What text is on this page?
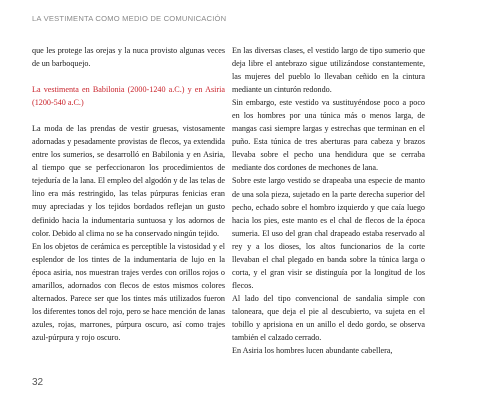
LA VESTIMENTA COMO MEDIO DE COMUNICACIÓN

que les protege las orejas y la nuca provisto algunas veces de un barboquejo.

La vestimenta en Babilonia (2000-1240 a.C.) y en Asiria (1200-540 a.C.)

La moda de las prendas de vestir gruesas, vistosamente adornadas y pesadamente provistas de flecos, ya extendida entre los sumerios, se desarrolló en Babilonia y en Asiria, al tiempo que se perfeccionaron los procedimientos de tejeduría de la lana. El empleo del algodón y de las telas de lino era más restringido, las telas púrpuras fenicias eran muy apreciadas y los tejidos bordados reflejan un gusto definido hacia la indumentaria suntuosa y los adornos de color. Debido al clima no se ha conservado ningún tejido.

En los objetos de cerámica es perceptible la vistosidad y el esplendor de los tintes de la indumentaria de lujo en la época asiria, nos muestran trajes verdes con orillos rojos o amarillos, adornados con flecos de estos mismos colores alternados. Parece ser que los tintes más utilizados fueron los diferentes tonos del rojo, pero se hace mención de lanas azules, rojas, marrones, púrpura oscuro, así como trajes azul-púrpura y rojo oscuro.

En las diversas clases, el vestido largo de tipo sumerio que deja libre el antebrazo sigue utilizándose constantemente, las mujeres del pueblo lo llevaban ceñido en la cintura mediante un cinturón redondo.

Sin embargo, este vestido va sustituyéndose poco a poco en los hombres por una túnica más o menos larga, de mangas casi siempre largas y estrechas que terminan en el puño. Esta túnica de tres aberturas para cabeza y brazos llevaba sobre el pecho una hendidura que se cerraba mediante dos cordones de mechones de lana.

Sobre este largo vestido se drapeaba una especie de manto de una sola pieza, sujetado en la parte derecha superior del pecho, echado sobre el hombro izquierdo y que caía luego hacia los pies, este manto es el chal de flecos de la época sumeria. El uso del gran chal drapeado estaba reservado al rey y a los dioses, los altos funcionarios de la corte llevaban el chal plegado en banda sobre la túnica larga o corta, y el gran visir se distinguía por la longitud de los flecos.

Al lado del tipo convencional de sandalia simple con taloneara, que deja el pie al descubierto, va sujeta en el tobillo y aprisiona en un anillo el dedo gordo, se observa también el calzado cerrado.

En Asiria los hombres lucen abundante cabellera,

32
